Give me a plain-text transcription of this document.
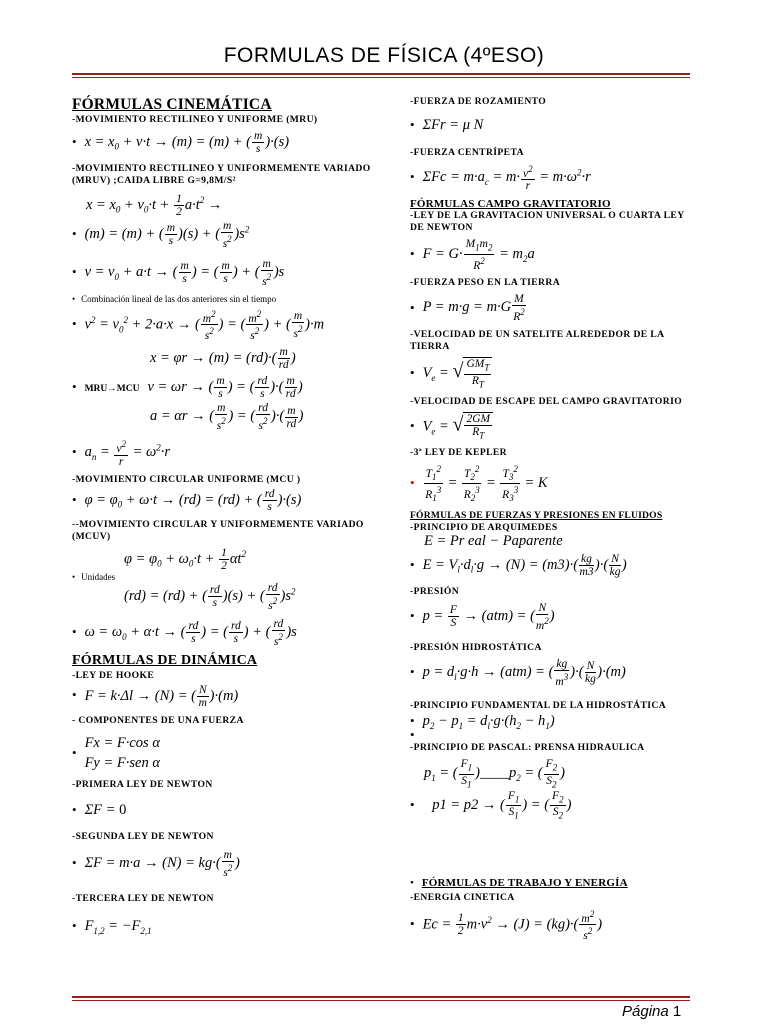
FORMULAS DE FÍSICA (4ºESO)

FÓRMULAS CINEMÁTICA

-MOVIMIENTO RECTILINEO Y UNIFORME (MRU)

• $x = x_0 + v\cdot t \to (m) = (m)$ + ( $\frac{m}{s} )\cdot(s)$

-MOVIMIENTO RECTILINEO Y UNIFORMEMENTE VARIADO (MRUV) ;CAIDA LIBRE G=9,8M/S²

$x = x_0 + v_0\cdot t + \frac{1}{2} a\cdot t^2$ →
• (m) = (m) + ( $\frac{m}{s} )(s)$ + ( $\frac{m}{s^2} )s^2$
• $v = v_0 + a\cdot t$ → ( $\frac{m}{s}$ ) = ( $\frac{m}{s}$ ) + ( $\frac{m}{s^2} )s$
• Combinación lineal de las dos anteriores sin el tiempo
• $v^2 = v_0^2 + 2\cdot a\cdot x$ → ( $\frac{m^2}{s^2}$ ) = ( $\frac{m^2}{s^2}$ ) + ( $\frac{m}{s^2} )\cdot m$
$x = \varphi r \to (m) = (rd)\cdot( \frac{m}{rd}$ )
• MRU→MCU v = ωr → ( $\frac{m}{s}$ ) = ( $\frac{rd}{s}$ )·( $\frac{m}{rd}$ )
a = αr → ( $\frac{m}{s^2}$ ) = ( $\frac{rd}{s^2}$ )·( $\frac{m}{rd}$ )
• $a_n = \frac{v^2}{r} = \omega^2\cdot r$

-MOVIMIENTO CIRCULAR UNIFORME (MCU )

• $\varphi = \varphi_0 + \omega\cdot t \to (rd) = (rd)$ + ( $\frac{rd}{s} )\cdot(s)$

--MOVIMIENTO CIRCULAR Y UNIFORMEMENTE VARIADO (MCUV)

$\varphi = \varphi_0 + \omega_0\cdot t + \frac{1}{2} \alpha t^2$
• Unidades
(rd) = (rd) + ( $\frac{rd}{s} )(s)$ + ( $\frac{rd}{s^2} )s^2$
• $\omega = \omega_0 + \alpha\cdot t$ → ( $\frac{rd}{s}$ ) = ( $\frac{rd}{s}$ ) + ( $\frac{rd}{s^2} )s$

FÓRMULAS DE DINÁMICA

-LEY DE HOOKE

• F = k·Δl → (N) = ( $\frac{N}{m} )\cdot(m)$

- COMPONENTES DE UNA FUERZA

•
Fx = F·cos α
Fy = F·sen α

-PRIMERA LEY DE NEWTON

• ΣF = 0

-SEGUNDA LEY DE NEWTON

• $\Sigma F = m\cdot a \to (N) = kg\cdot( \frac{m}{s^2}$ )

-TERCERA LEY DE NEWTON

• $F_{1,2} = -F_{2,1}$

-FUERZA DE ROZAMIENTO

• ΣFr = μ N

-FUERZA CENTRÍPETA

• $\Sigma Fc = m\cdot a_c = m\cdot \frac{v^2}{r} = m\cdot\omega^2\cdot r$

FÓRMULAS CAMPO GRAVITATORIO

-LEY DE LA GRAVITACION UNIVERSAL O CUARTA LEY DE NEWTON

• $F = G\cdot \frac{M_1m_2}{R^2} = m_2a$

-FUERZA PESO EN LA TIERRA

• $P = m\cdot g = m\cdot G \frac{M}{R^2}$

-VELOCIDAD DE UN SATELITE ALREDEDOR DE LA TIERRA

• $V_e$ = √ $\frac{GM_T}{R_T}$

-VELOCIDAD DE ESCAPE DEL CAMPO GRAVITATORIO

• $V_e$ = √ $\frac{2GM}{R_T}$

-3ª LEY DE KEPLER

• $\frac{T_1^2}{R_1^3} = \frac{T_2^2}{R_2^3} = \frac{T_3^2}{R_3^3} = K$

FÓRMULAS DE FUERZAS Y PRESIONES EN FLUIDOS

-PRINCIPIO DE ARQUIMEDES

E = Pr eal − Paparente
• $E = V_l\cdot d_l\cdot g \to (N) = (m3)\cdot( \frac{kg}{m3}$ )·( $\frac{N}{kg}$ )

-PRESIÓN

• $p = \frac{F}{S} \to (atm)$ = ( $\frac{N}{m^2}$ )

-PRESIÓN HIDROSTÁTICA

• $p = d_l\cdot g\cdot h \to (atm)$ = ( $\frac{kg}{m^3}$ )·( $\frac{N}{kg} )\cdot(m)$

-PRINCIPIO FUNDAMENTAL DE LA HIDROSTÁTICA

• $p_2 - p_1 = d_l\cdot g\cdot(h_2 - h_1)$
•

-PRINCIPIO DE PASCAL: PRENSA HIDRAULICA

$p_1$ = ( $\frac{F_1}{S_1}$ )$\_\_\_\_p_2$ = ( $\frac{F_2}{S_2}$ )
• p1 = p2 → ( $\frac{F_1}{S_1}$ ) = ( $\frac{F_2}{S_2}$ )
• FÓRMULAS DE TRABAJO Y ENERGÍA

-ENERGIA CINETICA

• $Ec = \frac{1}{2} m\cdot v^2 \to (J) = (kg)\cdot( \frac{m^2}{s^2}$ )
Página 1
